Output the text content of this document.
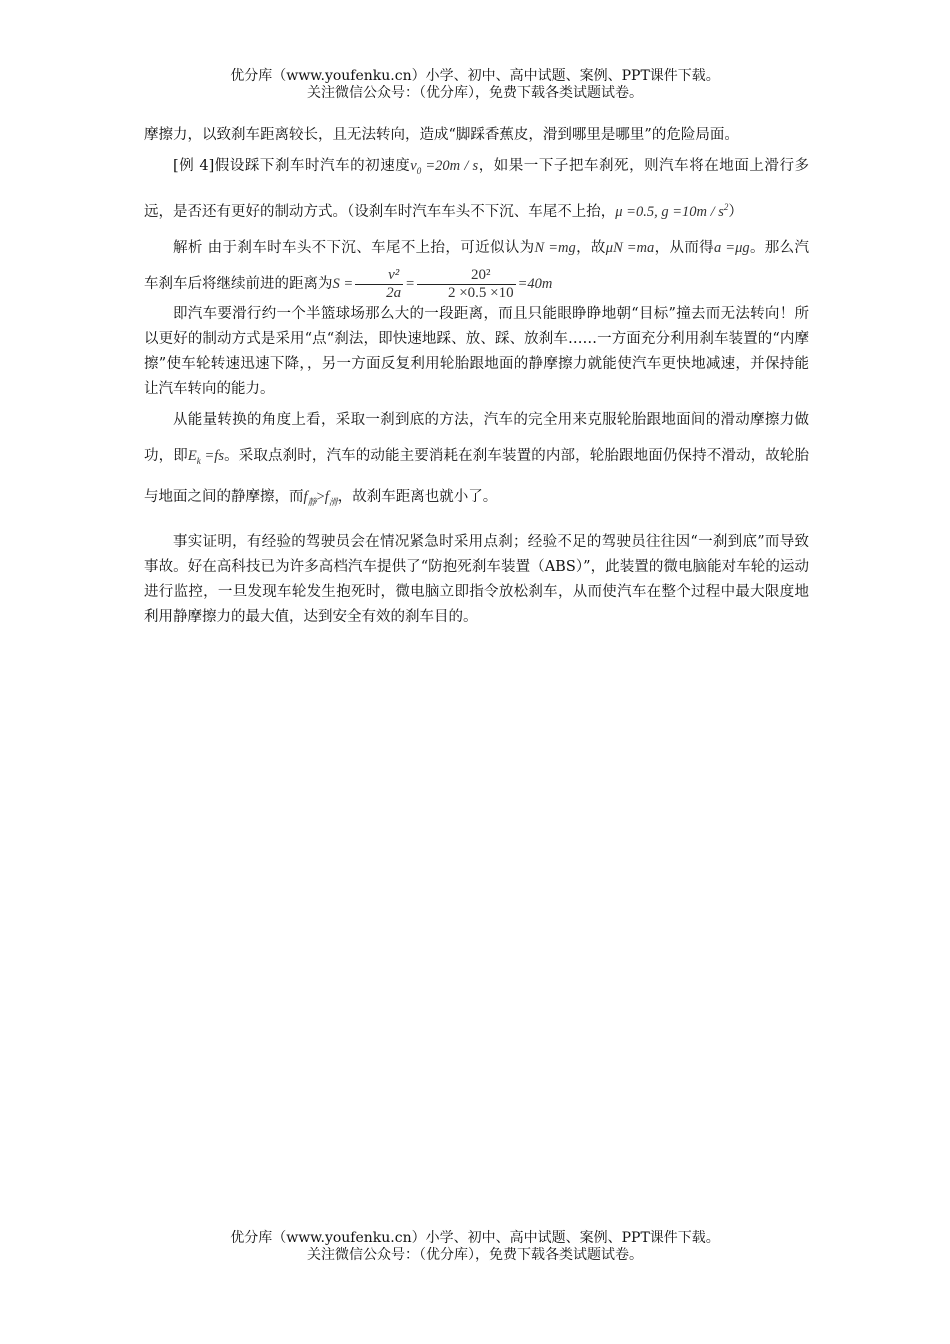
优分库（www.youfenku.cn）小学、初中、高中试题、案例、PPT课件下载。
关注微信公众号：（优分库），免费下载各类试题试卷。

摩擦力，以致刹车距离较长，且无法转向，造成“脚踩香蕉皮，滑到哪里是哪里”的危险局面。

[例 4]假设踩下刹车时汽车的初速度$v_0 =20m / s$，如果一下子把车刹死，则汽车将在地面上滑行多远，是否还有更好的制动方式。（设刹车时汽车车头不下沉、车尾不上抬，μ =0.5, $g =10m / s^2$）

解析 由于刹车时车头不下沉、车尾不上抬，可近似认为N =mg，故μN =ma，从而得a =μg。那么汽车刹车后将继续前进的距离为$S = \frac{\text{v²}}{2a} = \frac{\text{20²}}{2 \times 0.5 \times 10} =40m$

即汽车要滑行约一个半篮球场那么大的一段距离，而且只能眼睁睁地朝“目标”撞去而无法转向！所以更好的制动方式是采用“点“刹法，即快速地踩、放、踩、放刹车……一方面充分利用刹车装置的“内摩擦”使车轮转速迅速下降，，另一方面反复利用轮胎跟地面的静摩擦力就能使汽车更快地减速，并保持能让汽车转向的能力。

从能量转换的角度上看，采取一刹到底的方法，汽车的完全用来克服轮胎跟地面间的滑动摩擦力做功，即$E_k =fs$。采取点刹时，汽车的动能主要消耗在刹车装置的内部，轮胎跟地面仍保持不滑动，故轮胎与地面之间的静摩擦，而$f_静>f_滑$，故刹车距离也就小了。

事实证明，有经验的驾驶员会在情况紧急时采用点刹；经验不足的驾驶员往往因“一刹到底”而导致事故。好在高科技已为许多高档汽车提供了“防抱死刹车装置（ABS）”，此装置的微电脑能对车轮的运动进行监控，一旦发现车轮发生抱死时，微电脑立即指令放松刹车，从而使汽车在整个过程中最大限度地利用静摩擦力的最大值，达到安全有效的刹车目的。

优分库（www.youfenku.cn）小学、初中、高中试题、案例、PPT课件下载。
关注微信公众号：（优分库），免费下载各类试题试卷。
